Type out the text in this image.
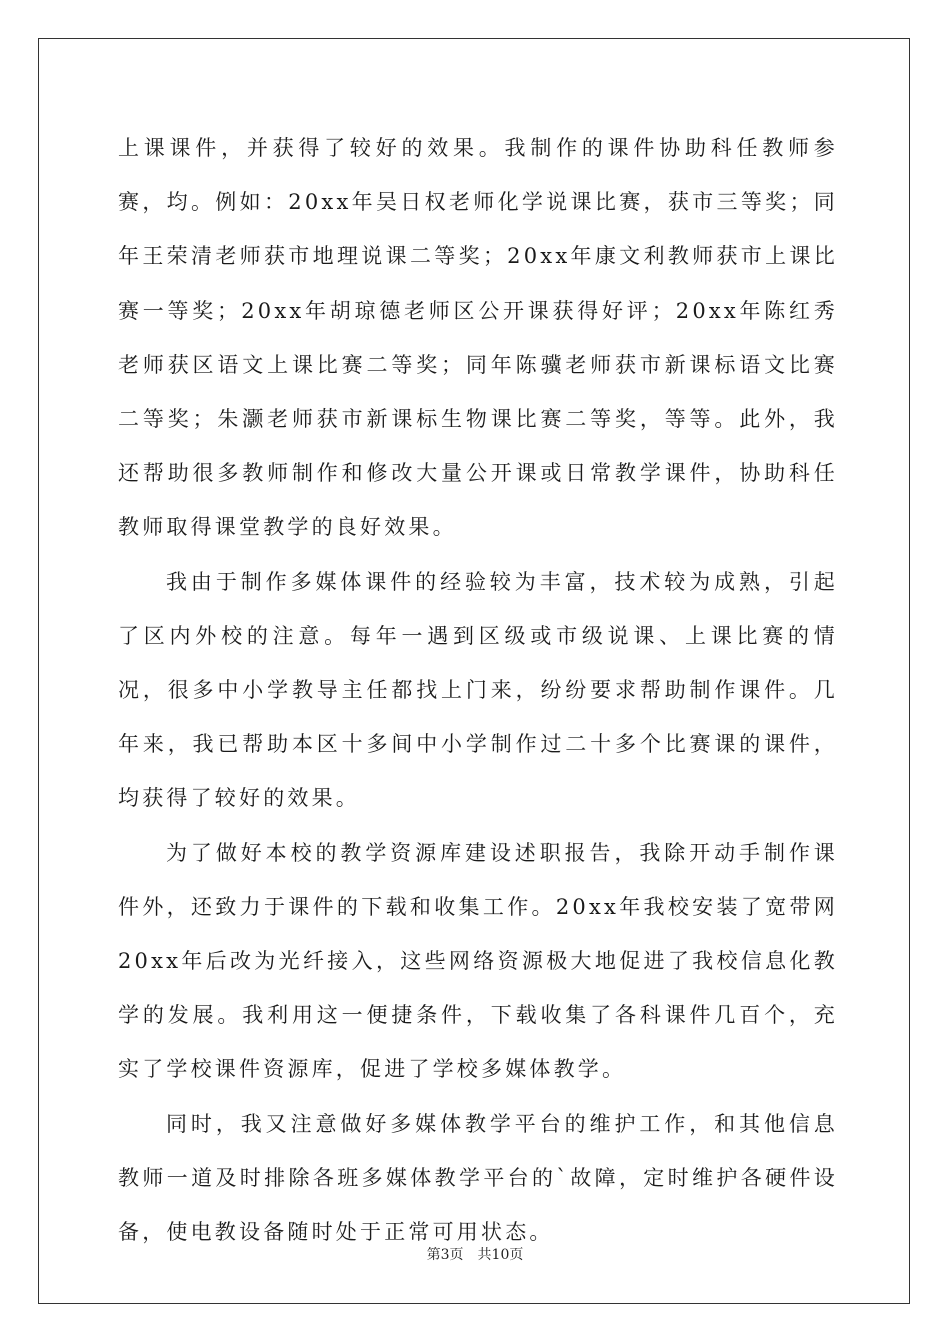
上课课件，并获得了较好的效果。我制作的课件协助科任教师参赛，均。例如：20xx年吴日权老师化学说课比赛，获市三等奖；同年王荣清老师获市地理说课二等奖；20xx年康文利教师获市上课比赛一等奖；20xx年胡琼德老师区公开课获得好评；20xx年陈红秀老师获区语文上课比赛二等奖；同年陈骥老师获市新课标语文比赛二等奖；朱灏老师获市新课标生物课比赛二等奖，等等。此外，我还帮助很多教师制作和修改大量公开课或日常教学课件，协助科任教师取得课堂教学的良好效果。

我由于制作多媒体课件的经验较为丰富，技术较为成熟，引起了区内外校的注意。每年一遇到区级或市级说课、上课比赛的情况，很多中小学教导主任都找上门来，纷纷要求帮助制作课件。几年来，我已帮助本区十多间中小学制作过二十多个比赛课的课件，均获得了较好的效果。

为了做好本校的教学资源库建设述职报告，我除开动手制作课件外，还致力于课件的下载和收集工作。20xx年我校安装了宽带网20xx年后改为光纤接入，这些网络资源极大地促进了我校信息化教学的发展。我利用这一便捷条件，下载收集了各科课件几百个，充实了学校课件资源库，促进了学校多媒体教学。

同时，我又注意做好多媒体教学平台的维护工作，和其他信息教师一道及时排除各班多媒体教学平台的`故障，定时维护各硬件设备，使电教设备随时处于正常可用状态。

第3页　共10页
